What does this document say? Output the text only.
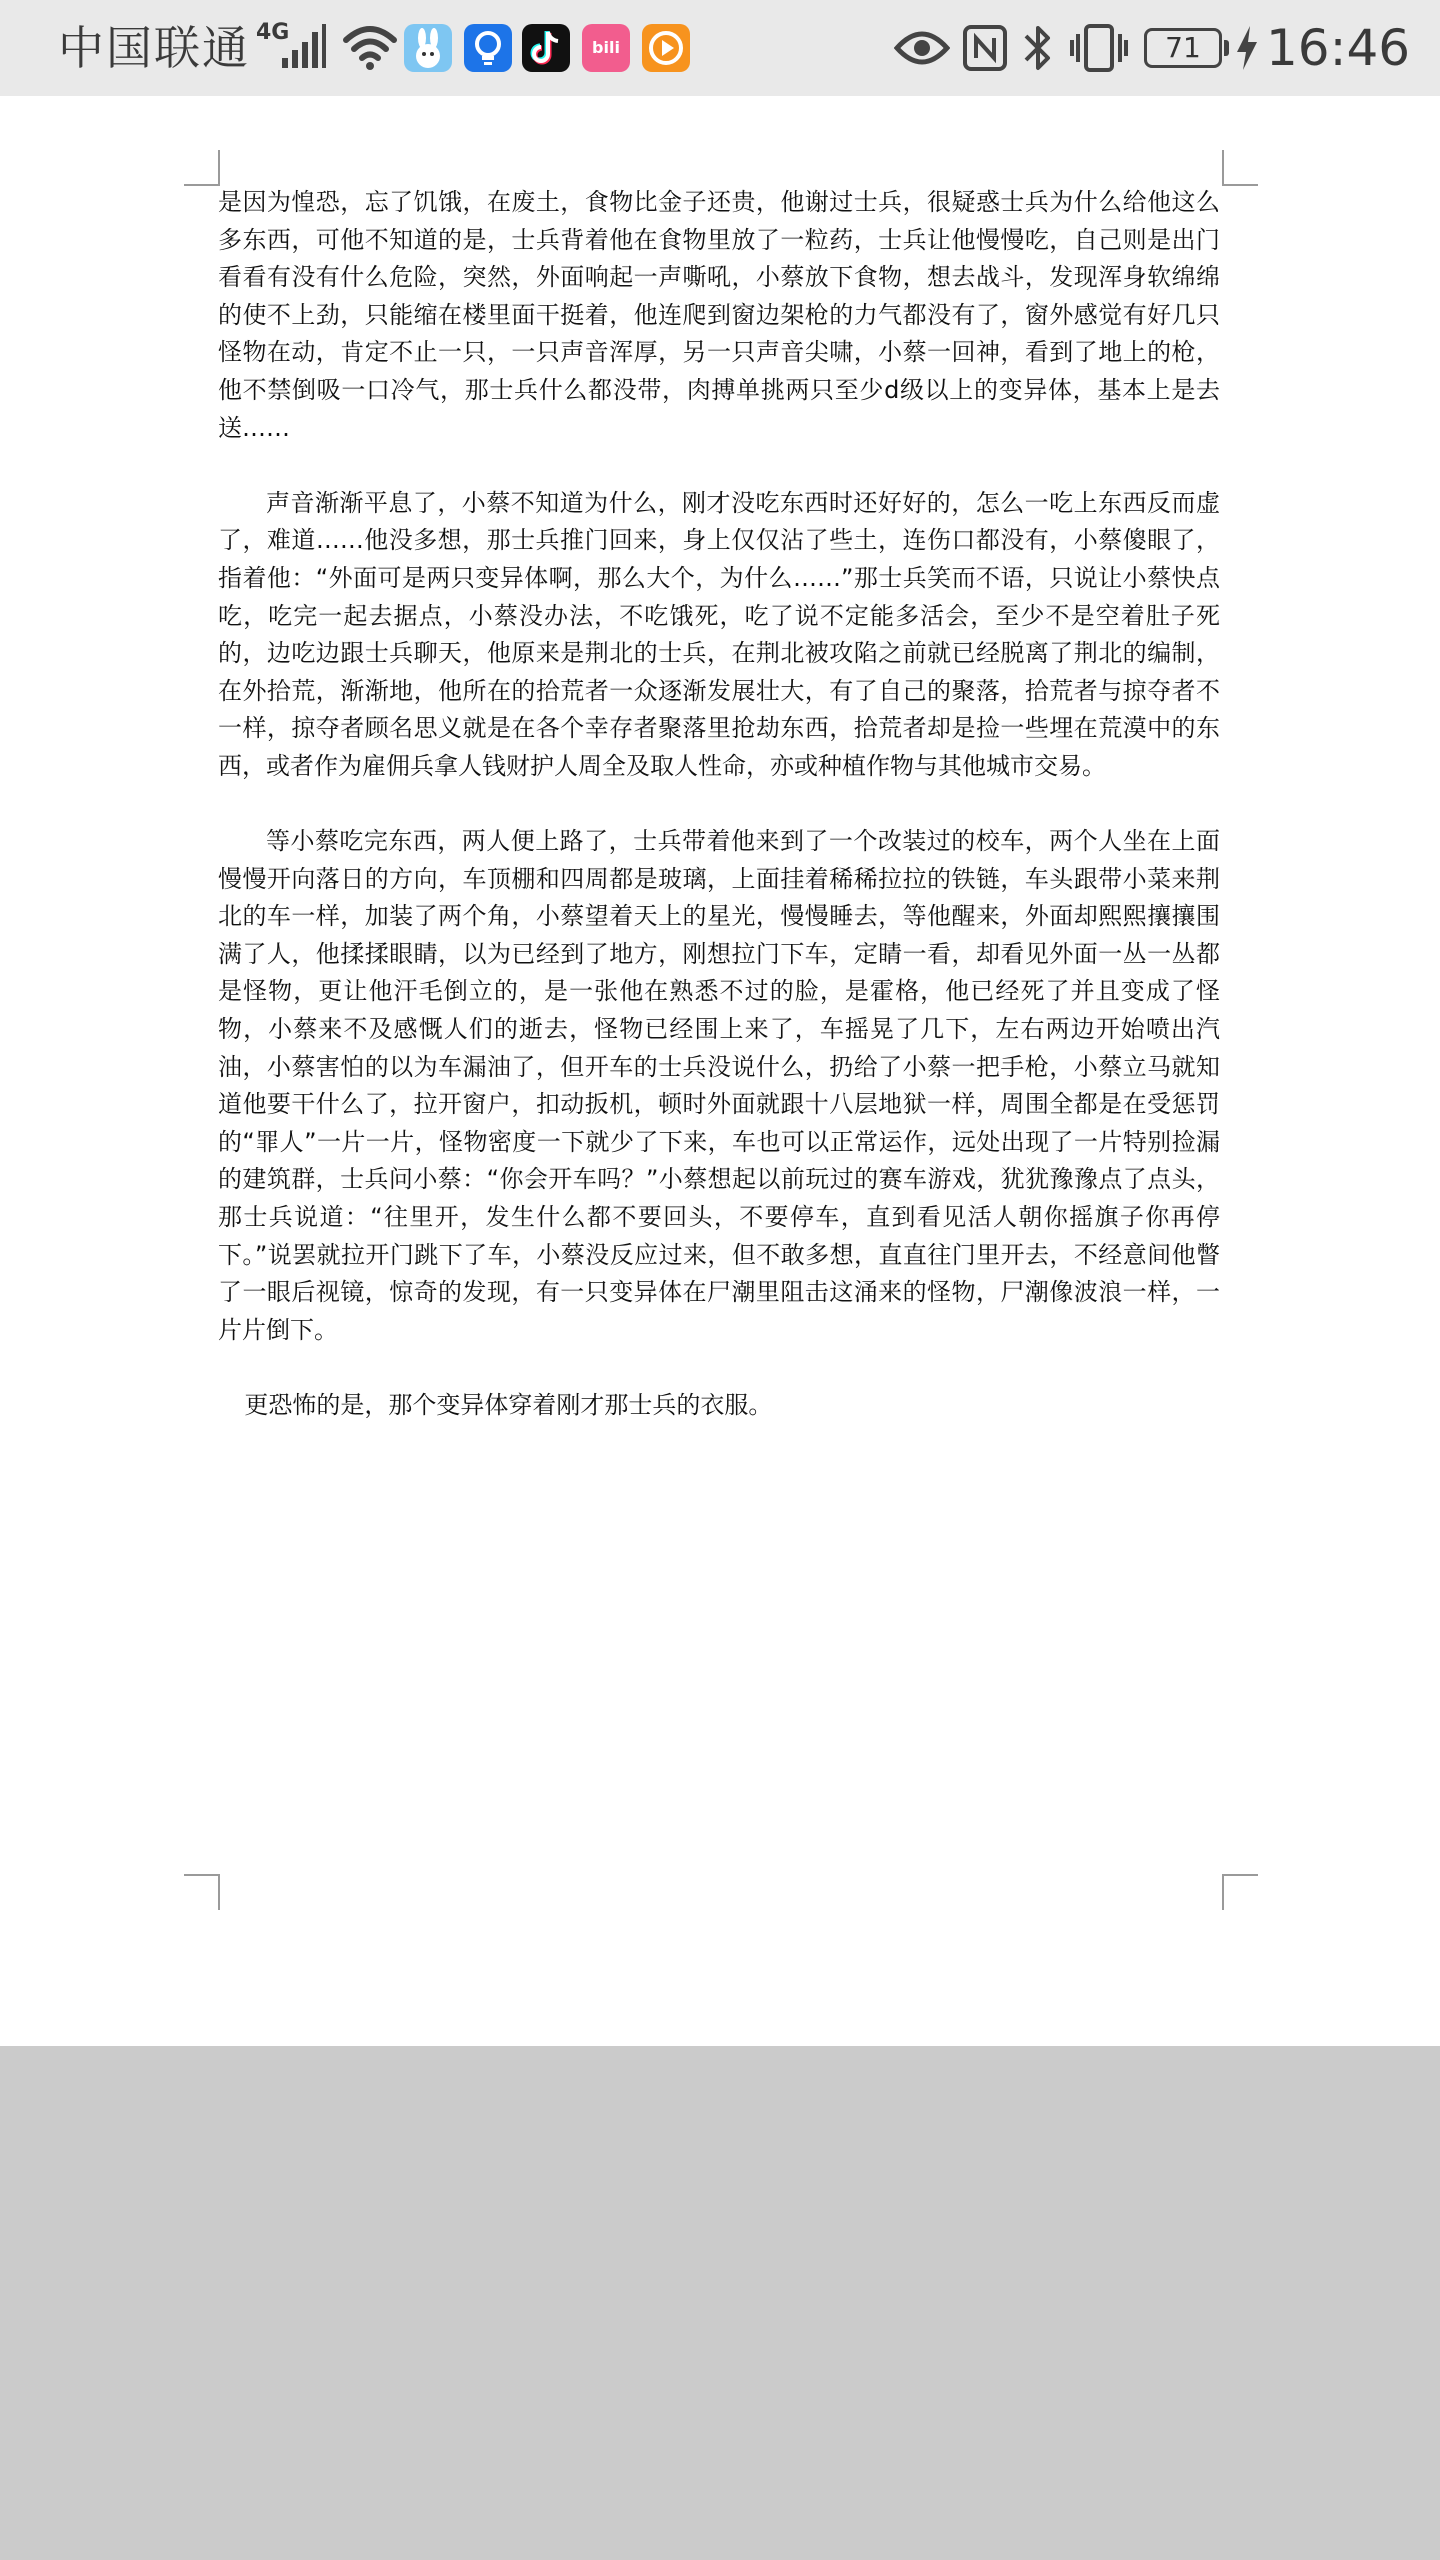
中国联通 4G
bili	71	16:46

是因为惶恐，忘了饥饿，在废土，食物比金子还贵，他谢过士兵，很疑惑士兵为什么给他这么多东西，可他不知道的是，士兵背着他在食物里放了一粒药，士兵让他慢慢吃，自己则是出门看看有没有什么危险，突然，外面响起一声嘶吼，小蔡放下食物，想去战斗，发现浑身软绵绵的使不上劲，只能缩在楼里面干挺着，他连爬到窗边架枪的力气都没有了，窗外感觉有好几只怪物在动，肯定不止一只，一只声音浑厚，另一只声音尖啸，小蔡一回神，看到了地上的枪，他不禁倒吸一口冷气，那士兵什么都没带，肉搏单挑两只至少d级以上的变异体，基本上是去送……

声音渐渐平息了，小蔡不知道为什么，刚才没吃东西时还好好的，怎么一吃上东西反而虚了，难道……他没多想，那士兵推门回来，身上仅仅沾了些土，连伤口都没有，小蔡傻眼了，指着他：“外面可是两只变异体啊，那么大个，为什么……”那士兵笑而不语，只说让小蔡快点吃，吃完一起去据点，小蔡没办法，不吃饿死，吃了说不定能多活会，至少不是空着肚子死的，边吃边跟士兵聊天，他原来是荆北的士兵，在荆北被攻陷之前就已经脱离了荆北的编制，在外拾荒，渐渐地，他所在的拾荒者一众逐渐发展壮大，有了自己的聚落，拾荒者与掠夺者不一样，掠夺者顾名思义就是在各个幸存者聚落里抢劫东西，拾荒者却是捡一些埋在荒漠中的东西，或者作为雇佣兵拿人钱财护人周全及取人性命，亦或种植作物与其他城市交易。

等小蔡吃完东西，两人便上路了，士兵带着他来到了一个改装过的校车，两个人坐在上面慢慢开向落日的方向，车顶棚和四周都是玻璃，上面挂着稀稀拉拉的铁链，车头跟带小菜来荆北的车一样，加装了两个角，小蔡望着天上的星光，慢慢睡去，等他醒来，外面却熙熙攘攘围满了人，他揉揉眼睛，以为已经到了地方，刚想拉门下车，定睛一看，却看见外面一丛一丛都是怪物，更让他汗毛倒立的，是一张他在熟悉不过的脸，是霍格，他已经死了并且变成了怪物，小蔡来不及感慨人们的逝去，怪物已经围上来了，车摇晃了几下，左右两边开始喷出汽油，小蔡害怕的以为车漏油了，但开车的士兵没说什么，扔给了小蔡一把手枪，小蔡立马就知道他要干什么了，拉开窗户，扣动扳机，顿时外面就跟十八层地狱一样，周围全都是在受惩罚的“罪人”一片一片，怪物密度一下就少了下来，车也可以正常运作，远处出现了一片特别捡漏的建筑群，士兵问小蔡：“你会开车吗？”小蔡想起以前玩过的赛车游戏，犹犹豫豫点了点头，那士兵说道：“往里开，发生什么都不要回头，不要停车，直到看见活人朝你摇旗子你再停下。”说罢就拉开门跳下了车，小蔡没反应过来，但不敢多想，直直往门里开去，不经意间他瞥了一眼后视镜，惊奇的发现，有一只变异体在尸潮里阻击这涌来的怪物，尸潮像波浪一样，一片片倒下。

更恐怖的是，那个变异体穿着刚才那士兵的衣服。
